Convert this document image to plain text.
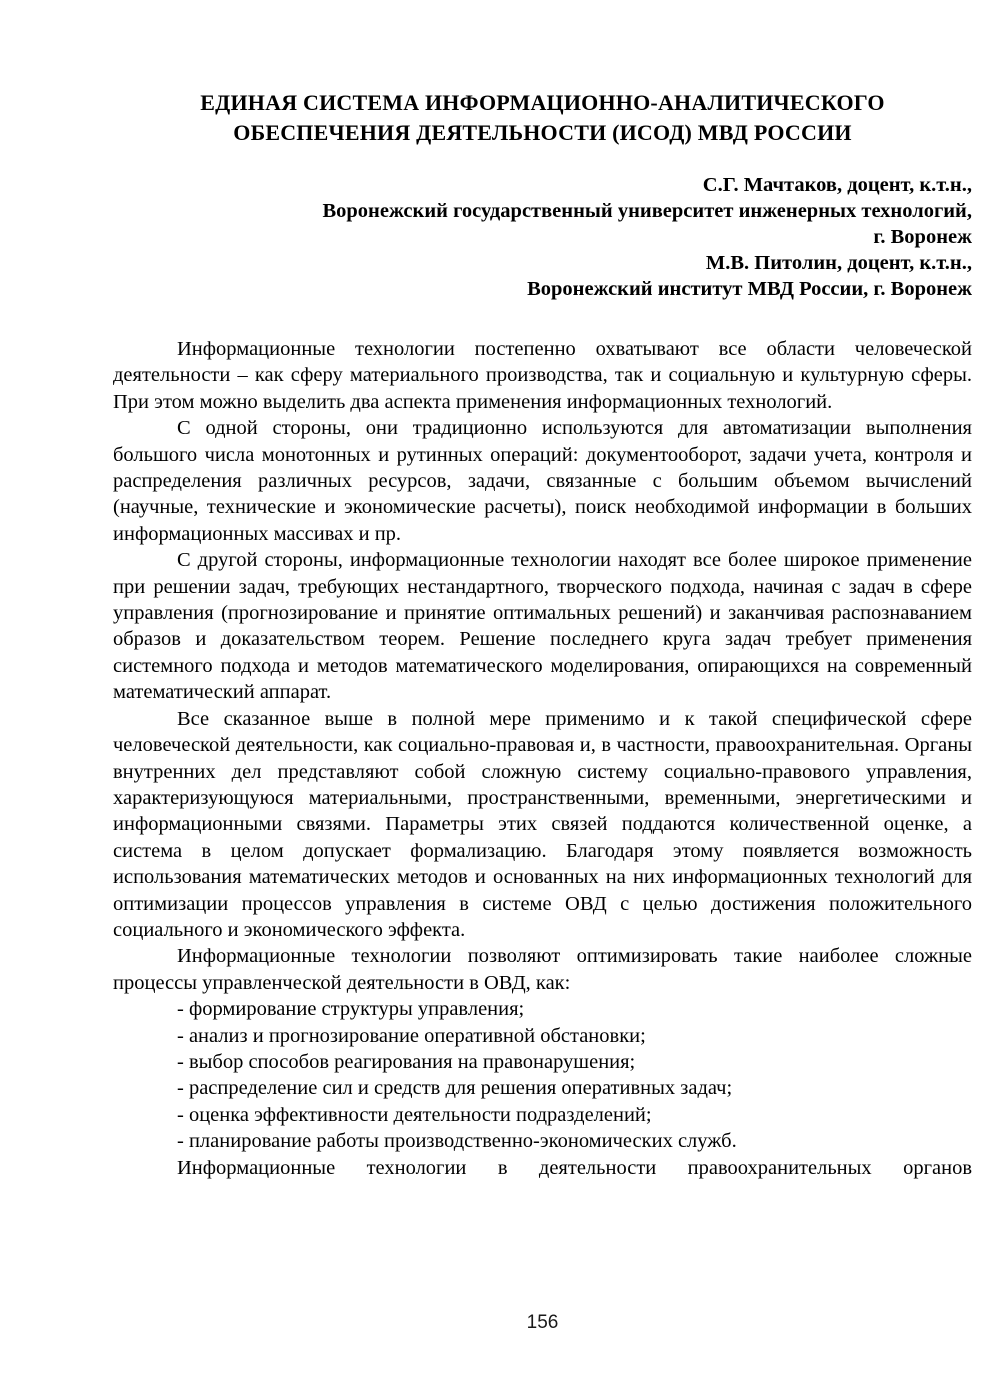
ЕДИНАЯ СИСТЕМА ИНФОРМАЦИОННО-АНАЛИТИЧЕСКОГО
ОБЕСПЕЧЕНИЯ ДЕЯТЕЛЬНОСТИ (ИСОД) МВД РОССИИ
С.Г. Мачтаков, доцент, к.т.н.,
Воронежский государственный университет инженерных технологий,
г. Воронеж
М.В. Питолин, доцент, к.т.н.,
Воронежский институт МВД России, г. Воронеж

Информационные технологии постепенно охватывают все области человеческой деятельности – как сферу материального производства, так и социальную и культурную сферы. При этом можно выделить два аспекта применения информационных технологий.

С одной стороны, они традиционно используются для автоматизации выполнения большого числа монотонных и рутинных операций: документооборот, задачи учета, контроля и распределения различных ресурсов, задачи, связанные с большим объемом вычислений (научные, технические и экономические расчеты), поиск необходимой информации в больших информационных массивах и пр.

С другой стороны, информационные технологии находят все более широкое применение при решении задач, требующих нестандартного, творческого подхода, начиная с задач в сфере управления (прогнозирование и принятие оптимальных решений) и заканчивая распознаванием образов и доказательством теорем. Решение последнего круга задач требует применения системного подхода и методов математического моделирования, опирающихся на современный математический аппарат.

Все сказанное выше в полной мере применимо и к такой специфической сфере человеческой деятельности, как социально-правовая и, в частности, правоохранительная. Органы внутренних дел представляют собой сложную систему социально-правового управления, характеризующуюся материальными, пространственными, временными, энергетическими и информационными связями. Параметры этих связей поддаются количественной оценке, а система в целом допускает формализацию. Благодаря этому появляется возможность использования математических методов и основанных на них информационных технологий для оптимизации процессов управления в системе ОВД с целью достижения положительного социального и экономического эффекта.

Информационные технологии позволяют оптимизировать такие наиболее сложные процессы управленческой деятельности в ОВД, как:

- формирование структуры управления;

- анализ и прогнозирование оперативной обстановки;

- выбор способов реагирования на правонарушения;

- распределение сил и средств для решения оперативных задач;

- оценка эффективности деятельности подразделений;

- планирование работы производственно-экономических служб.

Информационные технологии в деятельности правоохранительных органов

156
